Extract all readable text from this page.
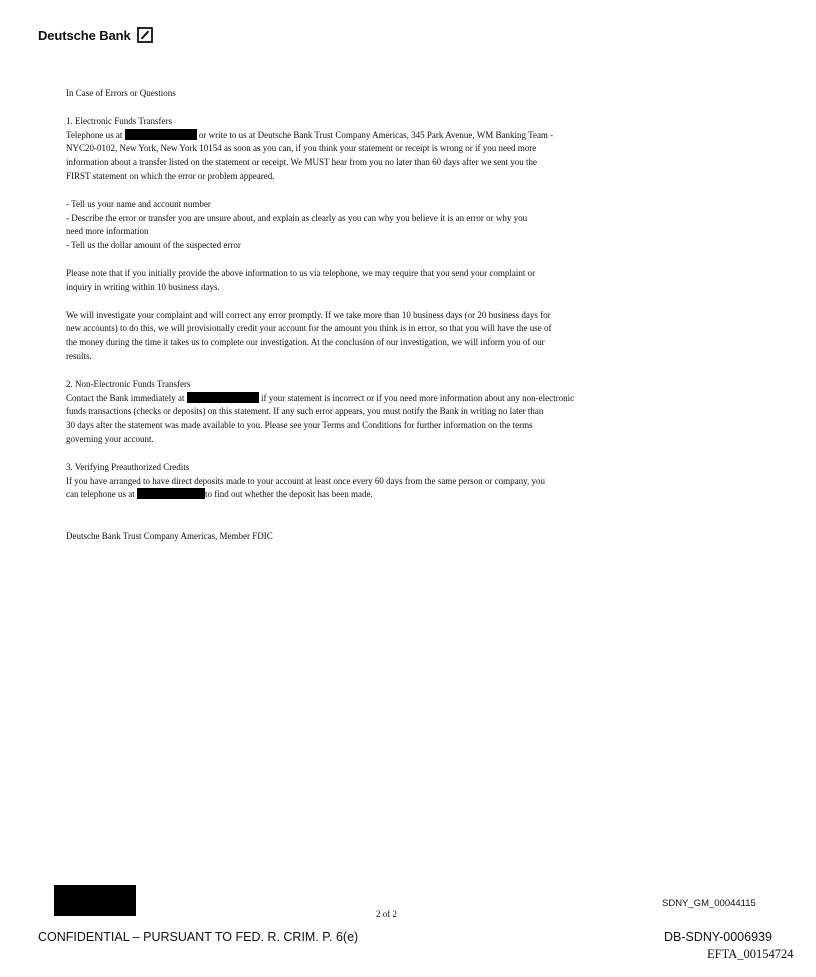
Deutsche Bank

In Case of Errors or Questions

1. Electronic Funds Transfers

Telephone us at	or write to us at Deutsche Bank Trust Company Americas, 345 Park Avenue, WM Banking Team -

NYC20-0102, New York, New York 10154 as soon as you can, if you think your statement or receipt is wrong or if you need more

information about a transfer listed on the statement or receipt. We MUST hear from you no later than 60 days after we sent you the

FIRST statement on which the error or problem appeared.

- Tell us your name and account number

- Describe the error or transfer you are unsure about, and explain as clearly as you can why you believe it is an error or why you

need more information

- Tell us the dollar amount of the suspected error

Please note that if you initially provide the above information to us via telephone, we may require that you send your complaint or

inquiry in writing within 10 business days.

We will investigate your complaint and will correct any error promptly. If we take more than 10 business days (or 20 business days for

new accounts) to do this, we will provisionally credit your account for the amount you think is in error, so that you will have the use of

the money during the time it takes us to complete our investigation. At the conclusion of our investigation, we will inform you of our

results.

2. Non-Electronic Funds Transfers

Contact the Bank immediately at	if your statement is incorrect or if you need more information about any non-electronic

funds transactions (checks or deposits) on this statement. If any such error appears, you must notify the Bank in writing no later than

30 days after the statement was made available to you. Please see your Terms and Conditions for further information on the terms

governing your account.

3. Verifying Preauthorized Credits

If you have arranged to have direct deposits made to your account at least once every 60 days from the same person or company, you

can telephone us at	to find out whether the deposit has been made.

Deutsche Bank Trust Company Americas, Member FDIC

2 of 2
SDNY_GM_00044115
CONFIDENTIAL – PURSUANT TO FED. R. CRIM. P. 6(e)	DB-SDNY-0006939
EFTA_00154724
